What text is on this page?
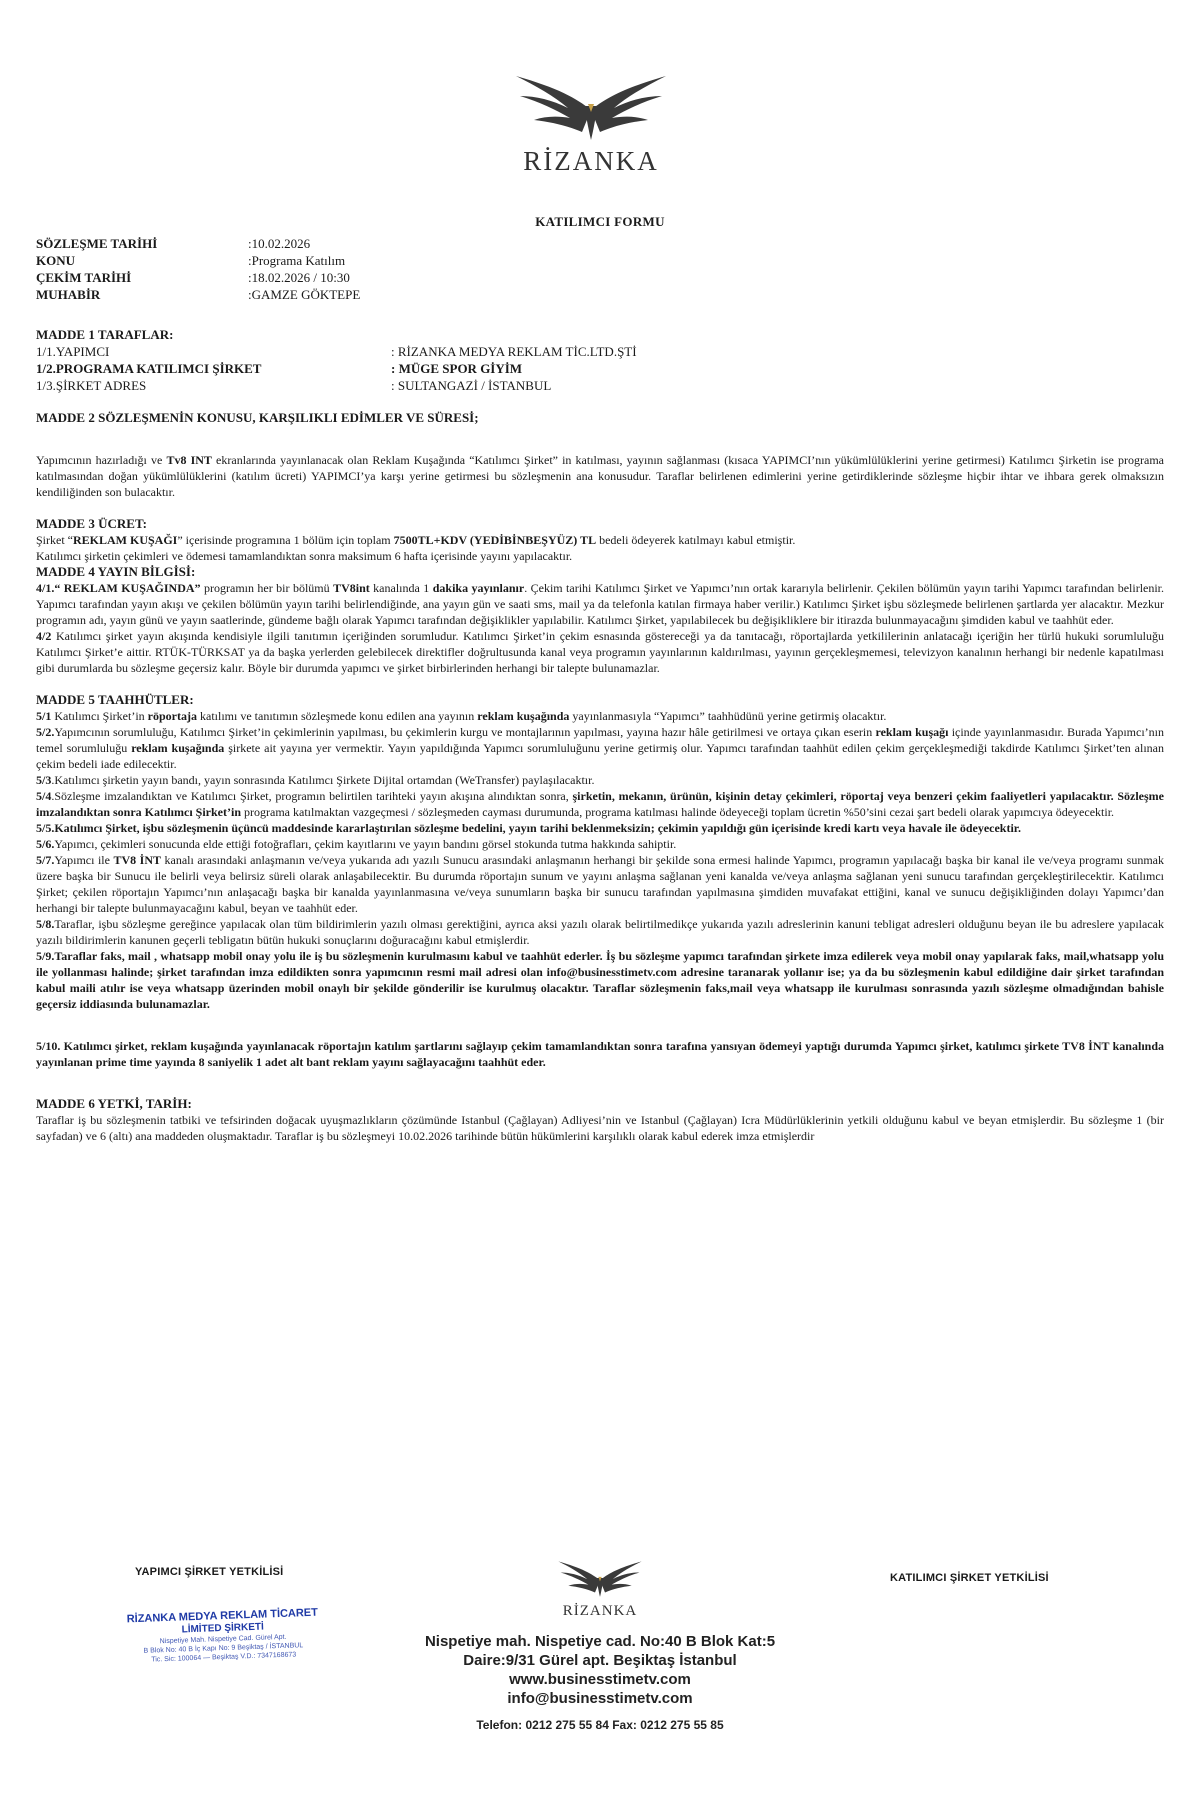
RİZANKA
KATILIMCI FORMU
SÖZLEŞME TARİHİ	:10.02.2026
KONU	:Programa Katılım
ÇEKİM TARİHİ	:18.02.2026 / 10:30
MUHABİR	:GAMZE GÖKTEPE
MADDE 1 TARAFLAR:
1/1.YAPIMCI	: RİZANKA MEDYA REKLAM TİC.LTD.ŞTİ
1/2.PROGRAMA KATILIMCI ŞİRKET	: MÜGE SPOR GİYİM
1/3.ŞİRKET ADRES	: SULTANGAZİ / İSTANBUL
MADDE 2 SÖZLEŞMENİN KONUSU, KARŞILIKLI EDİMLER VE SÜRESİ;

Yapımcının hazırladığı ve Tv8 INT ekranlarında yayınlanacak olan Reklam Kuşağında “Katılımcı Şirket” in katılması, yayının sağlanması (kısaca YAPIMCI’nın yükümlülüklerini yerine getirmesi) Katılımcı Şirketin ise programa katılmasından doğan yükümlülüklerini (katılım ücreti) YAPIMCI’ya karşı yerine getirmesi bu sözleşmenin ana konusudur. Taraflar belirlenen edimlerini yerine getirdiklerinde sözleşme hiçbir ihtar ve ihbara gerek olmaksızın kendiliğinden son bulacaktır.

MADDE 3 ÜCRET:

Şirket “REKLAM KUŞAĞI” içerisinde programına 1 bölüm için toplam 7500TL+KDV (YEDİBİNBEŞYÜZ) TL bedeli ödeyerek katılmayı kabul etmiştir.

Katılımcı şirketin çekimleri ve ödemesi tamamlandıktan sonra maksimum 6 hafta içerisinde yayını yapılacaktır.

MADDE 4 YAYIN BİLGİSİ:

4/1.“ REKLAM KUŞAĞINDA” programın her bir bölümü TV8int kanalında 1 dakika yayınlanır. Çekim tarihi Katılımcı Şirket ve Yapımcı’nın ortak kararıyla belirlenir. Çekilen bölümün yayın tarihi Yapımcı tarafından belirlenir. Yapımcı tarafından yayın akışı ve çekilen bölümün yayın tarihi belirlendiğinde, ana yayın gün ve saati sms, mail ya da telefonla katılan firmaya haber verilir.) Katılımcı Şirket işbu sözleşmede belirlenen şartlarda yer alacaktır. Mezkur programın adı, yayın günü ve yayın saatlerinde, gündeme bağlı olarak Yapımcı tarafından değişiklikler yapılabilir. Katılımcı Şirket, yapılabilecek bu değişikliklere bir itirazda bulunmayacağını şimdiden kabul ve taahhüt eder.

4/2 Katılımcı şirket yayın akışında kendisiyle ilgili tanıtımın içeriğinden sorumludur. Katılımcı Şirket’in çekim esnasında göstereceği ya da tanıtacağı, röportajlarda yetkililerinin anlatacağı içeriğin her türlü hukuki sorumluluğu Katılımcı Şirket’e aittir. RTÜK-TÜRKSAT ya da başka yerlerden gelebilecek direktifler doğrultusunda kanal veya programın yayınlarının kaldırılması, yayının gerçekleşmemesi, televizyon kanalının herhangi bir nedenle kapatılması gibi durumlarda bu sözleşme geçersiz kalır. Böyle bir durumda yapımcı ve şirket birbirlerinden herhangi bir talepte bulunamazlar.

MADDE 5 TAAHHÜTLER:

5/1 Katılımcı Şirket’in röportaja katılımı ve tanıtımın sözleşmede konu edilen ana yayının reklam kuşağında yayınlanmasıyla “Yapımcı” taahhüdünü yerine getirmiş olacaktır.

5/2.Yapımcının sorumluluğu, Katılımcı Şirket’in çekimlerinin yapılması, bu çekimlerin kurgu ve montajlarının yapılması, yayına hazır hâle getirilmesi ve ortaya çıkan eserin reklam kuşağı içinde yayınlanmasıdır. Burada Yapımcı’nın temel sorumluluğu reklam kuşağında şirkete ait yayına yer vermektir. Yayın yapıldığında Yapımcı sorumluluğunu yerine getirmiş olur. Yapımcı tarafından taahhüt edilen çekim gerçekleşmediği takdirde Katılımcı Şirket’ten alınan çekim bedeli iade edilecektir.

5/3.Katılımcı şirketin yayın bandı, yayın sonrasında Katılımcı Şirkete Dijital ortamdan (WeTransfer) paylaşılacaktır.

5/4.Sözleşme imzalandıktan ve Katılımcı Şirket, programın belirtilen tarihteki yayın akışına alındıktan sonra, şirketin, mekanın, ürünün, kişinin detay çekimleri, röportaj veya benzeri çekim faaliyetleri yapılacaktır. Sözleşme imzalandıktan sonra Katılımcı Şirket’in programa katılmaktan vazgeçmesi / sözleşmeden cayması durumunda, programa katılması halinde ödeyeceği toplam ücretin %50’sini cezai şart bedeli olarak yapımcıya ödeyecektir.

5/5.Katılımcı Şirket, işbu sözleşmenin üçüncü maddesinde kararlaştırılan sözleşme bedelini, yayın tarihi beklenmeksizin; çekimin yapıldığı gün içerisinde kredi kartı veya havale ile ödeyecektir.

5/6.Yapımcı, çekimleri sonucunda elde ettiği fotoğrafları, çekim kayıtlarını ve yayın bandını görsel stokunda tutma hakkında sahiptir.

5/7.Yapımcı ile TV8 İNT kanalı arasındaki anlaşmanın ve/veya yukarıda adı yazılı Sunucu arasındaki anlaşmanın herhangi bir şekilde sona ermesi halinde Yapımcı, programın yapılacağı başka bir kanal ile ve/veya programı sunmak üzere başka bir Sunucu ile belirli veya belirsiz süreli olarak anlaşabilecektir. Bu durumda röportajın sunum ve yayını anlaşma sağlanan yeni kanalda ve/veya anlaşma sağlanan yeni sunucu tarafından gerçekleştirilecektir. Katılımcı Şirket; çekilen röportajın Yapımcı’nın anlaşacağı başka bir kanalda yayınlanmasına ve/veya sunumların başka bir sunucu tarafından yapılmasına şimdiden muvafakat ettiğini, kanal ve sunucu değişikliğinden dolayı Yapımcı’dan herhangi bir talepte bulunmayacağını kabul, beyan ve taahhüt eder.

5/8.Taraflar, işbu sözleşme gereğince yapılacak olan tüm bildirimlerin yazılı olması gerektiğini, ayrıca aksi yazılı olarak belirtilmedikçe yukarıda yazılı adreslerinin kanuni tebligat adresleri olduğunu beyan ile bu adreslere yapılacak yazılı bildirimlerin kanunen geçerli tebligatın bütün hukuki sonuçlarını doğuracağını kabul etmişlerdir.

5/9.Taraflar faks, mail , whatsapp mobil onay yolu ile iş bu sözleşmenin kurulmasını kabul ve taahhüt ederler. İş bu sözleşme yapımcı tarafından şirkete imza edilerek veya mobil onay yapılarak faks, mail,whatsapp yolu ile yollanması halinde; şirket tarafından imza edildikten sonra yapımcının resmi mail adresi olan info@businesstimetv.com adresine taranarak yollanır ise; ya da bu sözleşmenin kabul edildiğine dair şirket tarafından kabul maili atılır ise veya whatsapp üzerinden mobil onaylı bir şekilde gönderilir ise kurulmuş olacaktır. Taraflar sözleşmenin faks,mail veya whatsapp ile kurulması sonrasında yazılı sözleşme olmadığından bahisle geçersiz iddiasında bulunamazlar.

5/10. Katılımcı şirket, reklam kuşağında yayınlanacak röportajın katılım şartlarını sağlayıp çekim tamamlandıktan sonra tarafına yansıyan ödemeyi yaptığı durumda Yapımcı şirket, katılımcı şirkete TV8 İNT kanalında yayınlanan prime time yayında 8 saniyelik 1 adet alt bant reklam yayını sağlayacağını taahhüt eder.

MADDE 6 YETKİ, TARİH:

Taraflar iş bu sözleşmenin tatbiki ve tefsirinden doğacak uyuşmazlıkların çözümünde Istanbul (Çağlayan) Adliyesi’nin ve Istanbul (Çağlayan) Icra Müdürlüklerinin yetkili olduğunu kabul ve beyan etmişlerdir. Bu sözleşme 1 (bir sayfadan) ve 6 (altı) ana maddeden oluşmaktadır. Taraflar iş bu sözleşmeyi 10.02.2026 tarihinde bütün hükümlerini karşılıklı olarak kabul ederek imza etmişlerdir

YAPIMCI ŞİRKET YETKİLİSİ	KATILIMCI ŞİRKET YETKİLİSİ
RİZANKA MEDYA REKLAM TİCARET
LİMİTED ŞİRKETİ
Nispetiye Mah. Nispetiye Cad. Gürel Apt.
B Blok No: 40 B İç Kapı No: 9 Beşiktaş / İSTANBUL
Tic. Sic: 100064 — Beşiktaş V.D.: 7347168673
RİZANKA
Nispetiye mah. Nispetiye cad. No:40 B Blok Kat:5
Daire:9/31 Gürel apt. Beşiktaş İstanbul
www.businesstimetv.com
info@businesstimetv.com
Telefon: 0212 275 55 84 Fax: 0212 275 55 85
